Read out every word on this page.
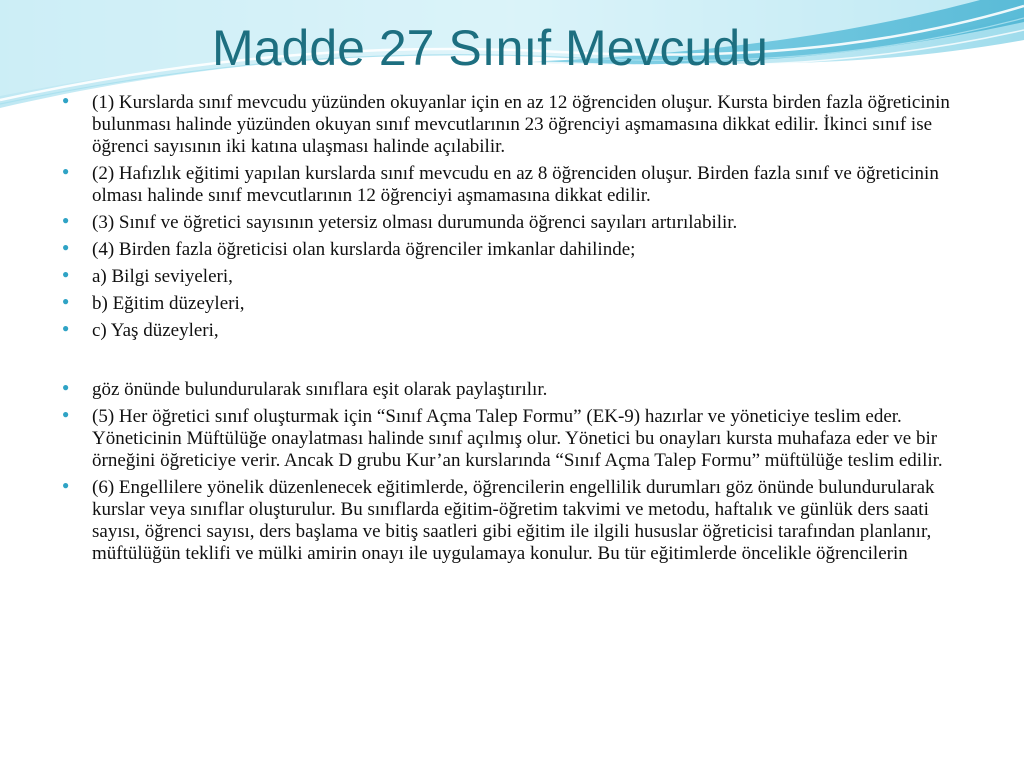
Madde 27 Sınıf Mevcudu
● (1) Kurslarda sınıf mevcudu yüzünden okuyanlar için en az 12 öğrenciden oluşur. Kursta birden fazla öğreticinin bulunması halinde yüzünden okuyan sınıf mevcutlarının 23 öğrenciyi aşmamasına dikkat edilir. İkinci sınıf ise öğrenci sayısının iki katına ulaşması halinde açılabilir.
● (2) Hafızlık eğitimi yapılan kurslarda sınıf mevcudu en az 8 öğrenciden oluşur. Birden fazla sınıf ve öğreticinin olması halinde sınıf mevcutlarının 12 öğrenciyi aşmamasına dikkat edilir.
● (3) Sınıf ve öğretici sayısının yetersiz olması durumunda öğrenci sayıları artırılabilir.
● (4) Birden fazla öğreticisi olan kurslarda öğrenciler imkanlar dahilinde;
● a) Bilgi seviyeleri,
● b) Eğitim düzeyleri,
● c) Yaş düzeyleri,
● göz önünde bulundurularak sınıflara eşit olarak paylaştırılır.
● (5) Her öğretici sınıf oluşturmak için “Sınıf Açma Talep Formu” (EK-9) hazırlar ve yöneticiye teslim eder. Yöneticinin Müftülüğe onaylatması halinde sınıf açılmış olur. Yönetici bu onayları kursta muhafaza eder ve bir örneğini öğreticiye verir. Ancak D grubu Kur’an kurslarında “Sınıf Açma Talep Formu” müftülüğe teslim edilir.
● (6) Engellilere yönelik düzenlenecek eğitimlerde, öğrencilerin engellilik durumları göz önünde bulundurularak kurslar veya sınıflar oluşturulur. Bu sınıflarda eğitim-öğretim takvimi ve metodu, haftalık ve günlük ders saati sayısı, öğrenci sayısı, ders başlama ve bitiş saatleri gibi eğitim ile ilgili hususlar öğreticisi tarafından planlanır, müftülüğün teklifi ve mülki amirin onayı ile uygulamaya konulur. Bu tür eğitimlerde öncelikle öğrencilerin
